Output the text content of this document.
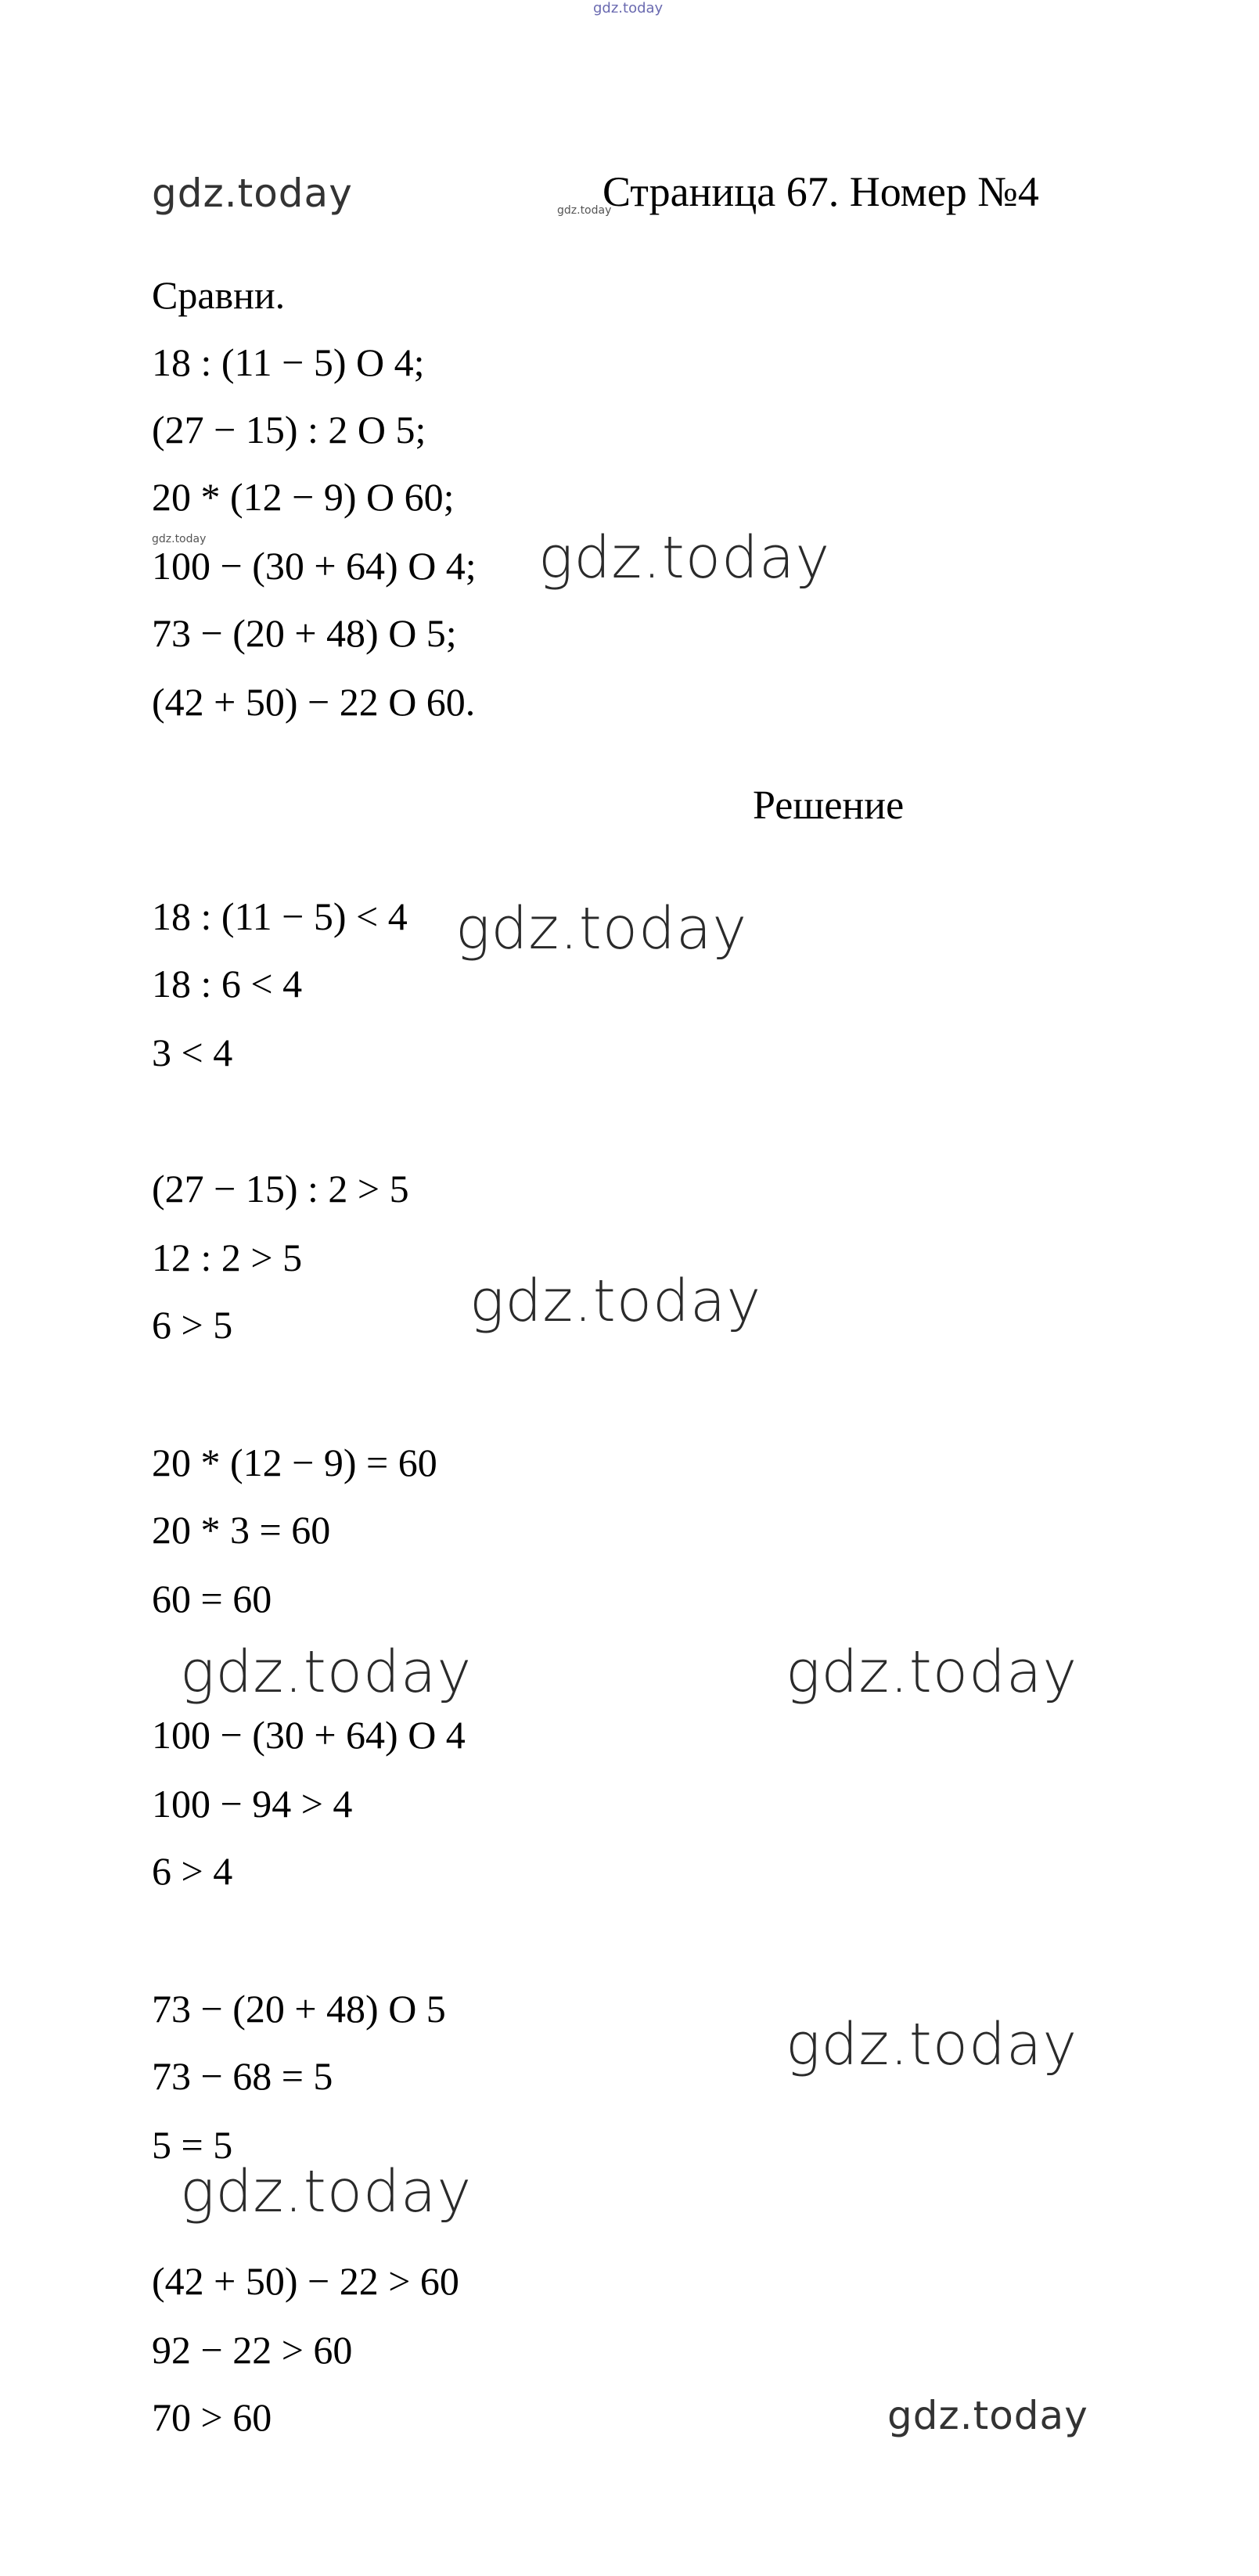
gdz.today
gdz.today	gdz.today
Страница 67. Номер №4
Сравни.
18 : (11 − 5) O 4;
(27 − 15) : 2 O 5;
20 * (12 − 9) O 60;
gdz.today
100 − (30 + 64) O 4; gdz.today
73 − (20 + 48) O 5;
(42 + 50) − 22 O 60.
Решение
18 : (11 − 5) < 4 gdz.today
18 : 6 < 4
3 < 4
(27 − 15) : 2 > 5
12 : 2 > 5
gdz.today
6 > 5
20 * (12 − 9) = 60
20 * 3 = 60
60 = 60
gdz.today	gdz.today
100 − (30 + 64) O 4
100 − 94 > 4
6 > 4
73 − (20 + 48) O 5
gdz.today
73 − 68 = 5
5 = 5
gdz.today
(42 + 50) − 22 > 60
92 − 22 > 60
70 > 60	gdz.today
